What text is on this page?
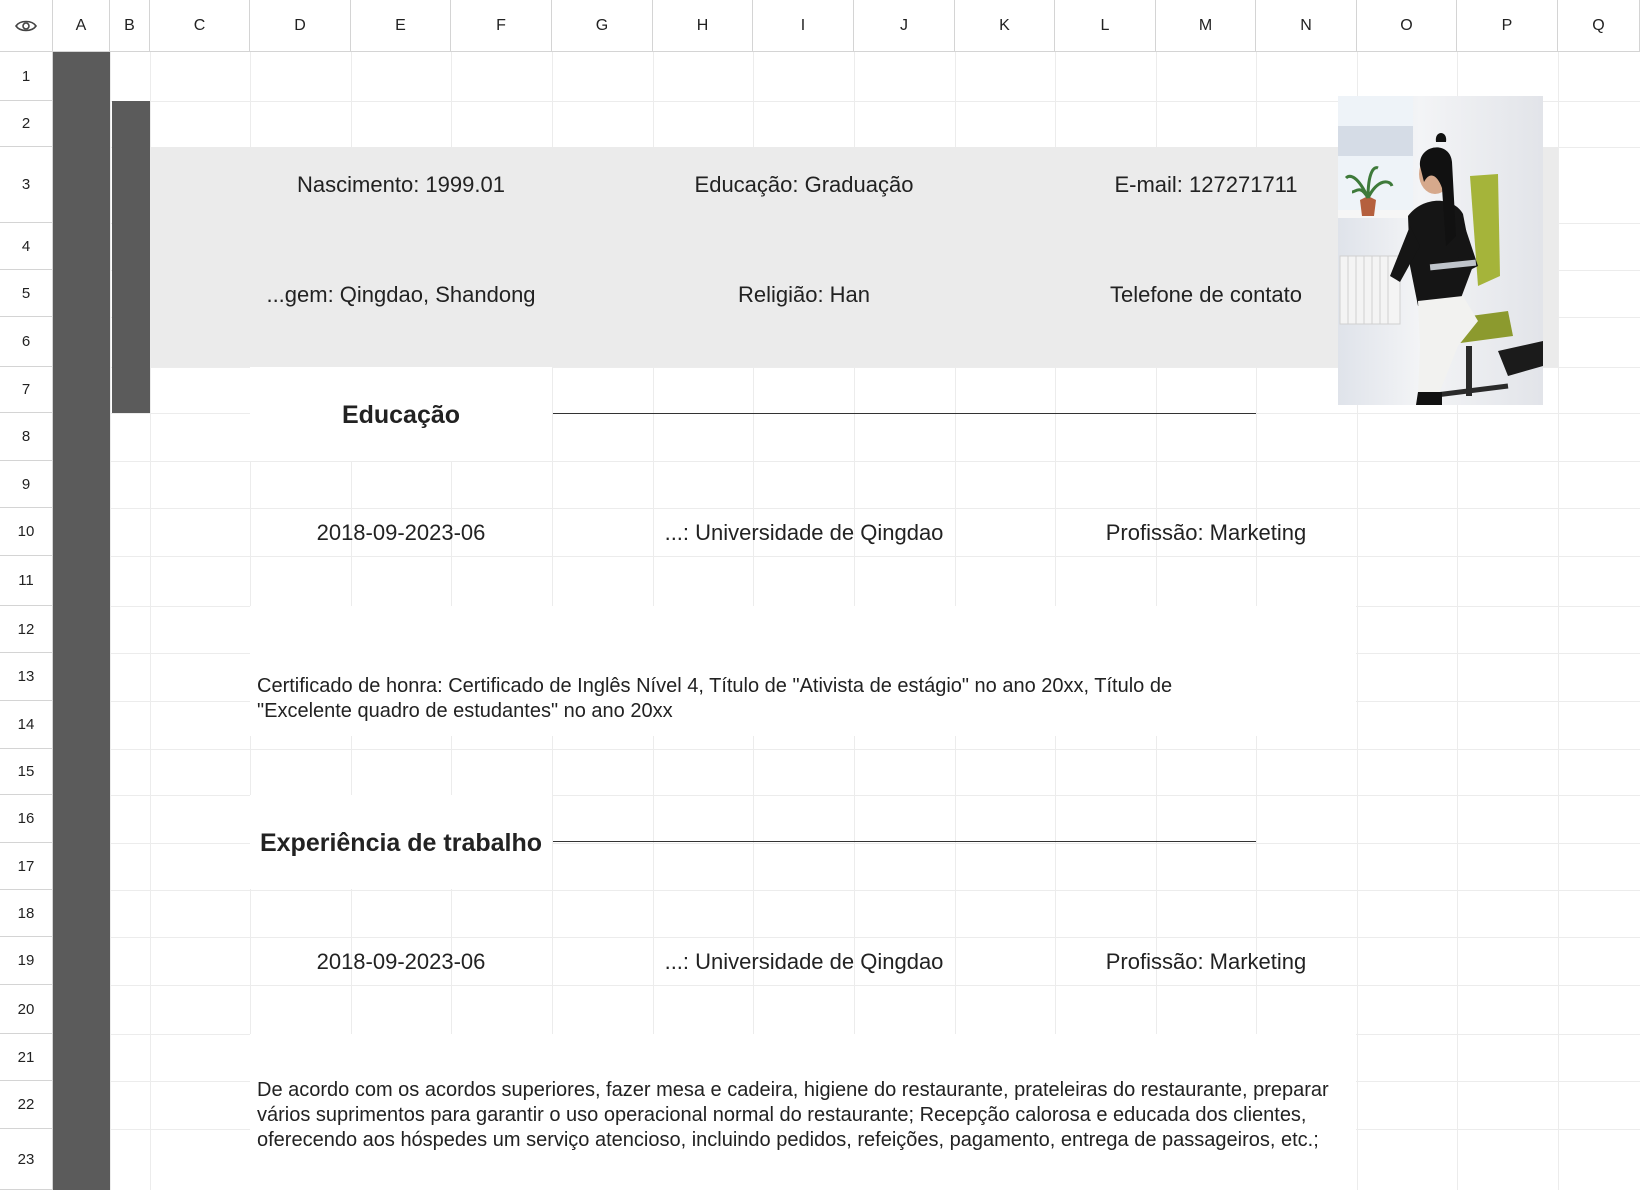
Nascimento: 1999.01	Educação: Graduação	E-mail: 127271711
...gem: Qingdao, Shandong	Religião: Han	Telefone de contato
Educação
2018-09-2023-06	...: Universidade de Qingdao	Profissão: Marketing
Certificado de honra: Certificado de Inglês Nível 4, Título de "Ativista de estágio" no ano 20xx, Título de "Excelente quadro de estudantes" no ano 20xx
Experiência de trabalho
2018-09-2023-06	...: Universidade de Qingdao	Profissão: Marketing
De acordo com os acordos superiores, fazer mesa e cadeira, higiene do restaurante, prateleiras do restaurante, preparar vários suprimentos para garantir o uso operacional normal do restaurante; Recepção calorosa e educada dos clientes, oferecendo aos hóspedes um serviço atencioso, incluindo pedidos, refeições, pagamento, entrega de passageiros, etc.;
A	B	C	D	E	F	G	H	I	J	K	L	M	N	O	P	Q
1
2
3
4
5
6
7
8
9
10
11
12
13
14
15
16
17
18
19
20
21
22
23
